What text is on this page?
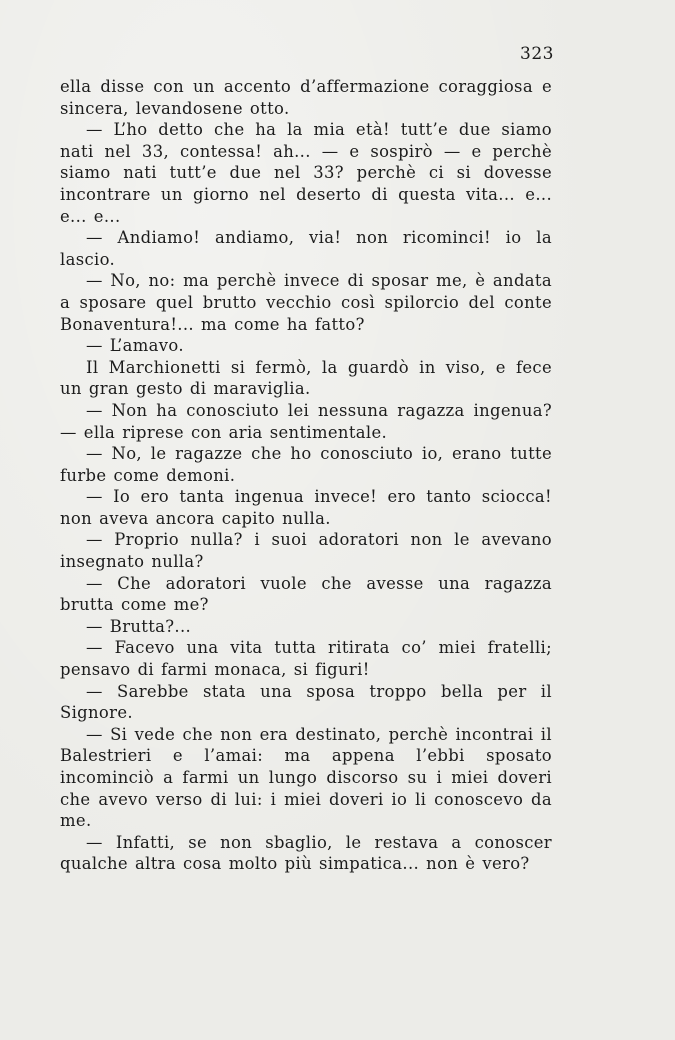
323

ella disse con un accento d’affermazione coraggiosa e sincera, levandosene otto.

— L’ho detto che ha la mia età! tutt’e due siamo nati nel 33, contessa! ah... — e sospirò — e perchè siamo nati tutt’e due nel 33? perchè ci si dovesse incontrare un giorno nel deserto di questa vita... e... e... e...

— Andiamo! andiamo, via! non ricominci! io la lascio.

— No, no: ma perchè invece di sposar me, è andata a sposare quel brutto vecchio così spilorcio del conte Bonaventura!... ma come ha fatto?

— L’amavo.

Il Marchionetti si fermò, la guardò in viso, e fece un gran gesto di maraviglia.

— Non ha conosciuto lei nessuna ragazza ingenua? — ella riprese con aria sentimentale.

— No, le ragazze che ho conosciuto io, erano tutte furbe come demoni.

— Io ero tanta ingenua invece! ero tanto sciocca! non aveva ancora capito nulla.

— Proprio nulla? i suoi adoratori non le avevano insegnato nulla?

— Che adoratori vuole che avesse una ragazza brutta come me?

— Brutta?...

— Facevo una vita tutta ritirata co’ miei fratelli; pensavo di farmi monaca, si figuri!

— Sarebbe stata una sposa troppo bella per il Signore.

— Si vede che non era destinato, perchè incontrai il Balestrieri e l’amai: ma appena l’ebbi sposato incominciò a farmi un lungo discorso su i miei doveri che avevo verso di lui: i miei doveri io li conoscevo da me.

— Infatti, se non sbaglio, le restava a conoscer qualche altra cosa molto più simpatica... non è vero?
